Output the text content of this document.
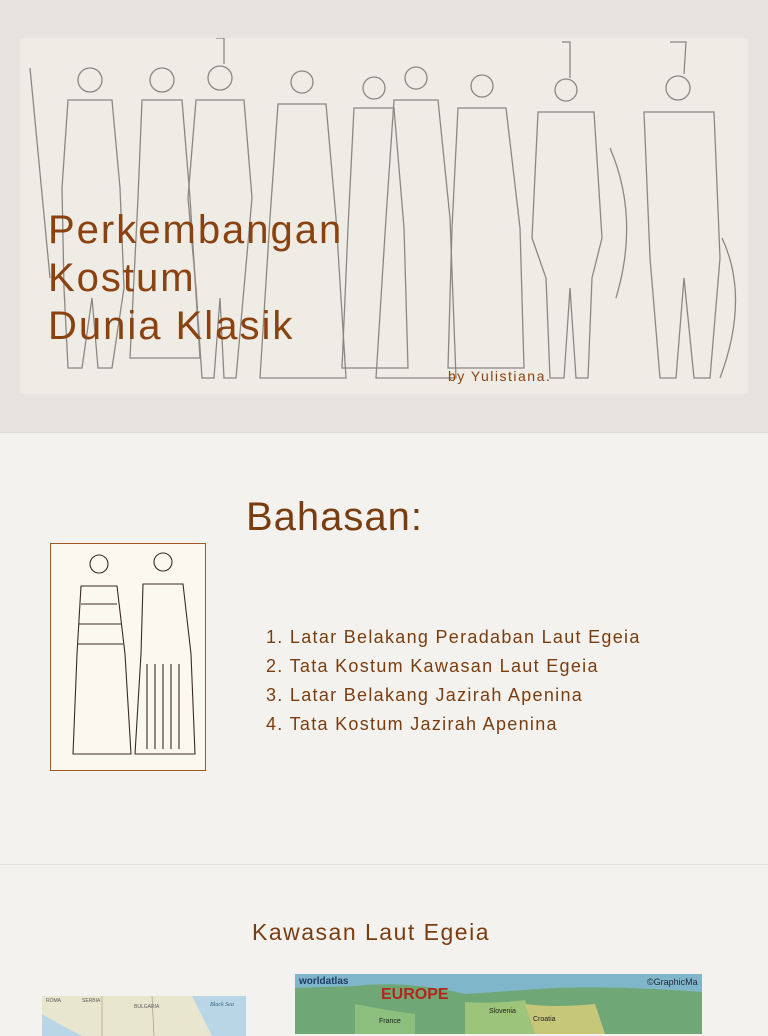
Perkembangan
Kostum
Dunia Klasik
by Yulistiana.
Bahasan:
1. Latar Belakang Peradaban Laut Egeia
2. Tata Kostum Kawasan Laut Egeia
3. Latar Belakang Jazirah Apenina
4. Tata Kostum Jazirah Apenina
Kawasan Laut Egeia
ROMA	SERBIA
BULGARIA	Black Sea
worldatlas	©GraphicMa
EUROPE
France
Slovenia
Croatia
